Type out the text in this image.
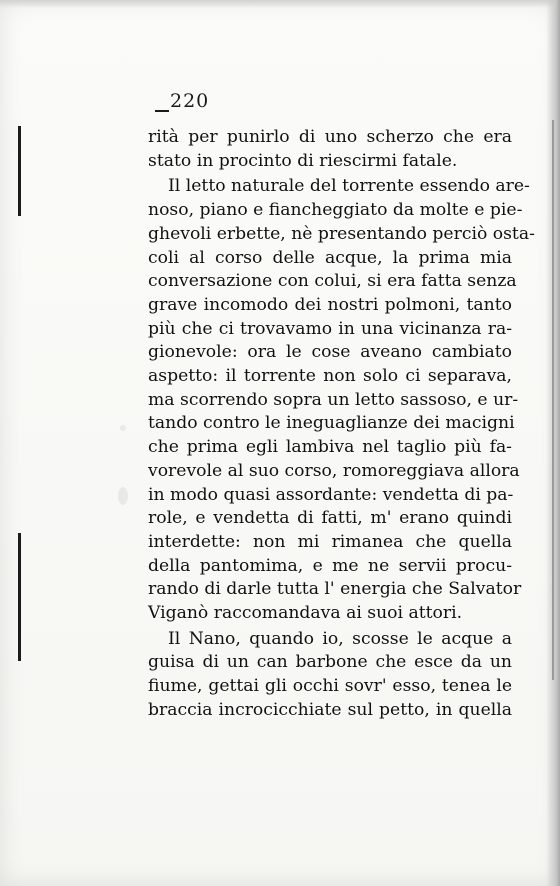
220
rità per punirlo di uno scherzo che era
stato in procinto di riescirmi fatale.
Il letto naturale del torrente essendo are-
noso, piano e fiancheggiato da molte e pie-
ghevoli erbette, nè presentando perciò osta-
coli al corso delle acque, la prima mia
conversazione con colui, si era fatta senza
grave incomodo dei nostri polmoni, tanto
più che ci trovavamo in una vicinanza ra-
gionevole: ora le cose aveano cambiato
aspetto: il torrente non solo ci separava,
ma scorrendo sopra un letto sassoso, e ur-
tando contro le ineguaglianze dei macigni
che prima egli lambiva nel taglio più fa-
vorevole al suo corso, romoreggiava allora
in modo quasi assordante: vendetta di pa-
role, e vendetta di fatti, m' erano quindi
interdette: non mi rimanea che quella
della pantomima, e me ne servii procu-
rando di darle tutta l' energia che Salvator
Viganò raccomandava ai suoi attori.
Il Nano, quando io, scosse le acque a
guisa di un can barbone che esce da un
fiume, gettai gli occhi sovr' esso, tenea le
braccia incrocicchiate sul petto, in quella
